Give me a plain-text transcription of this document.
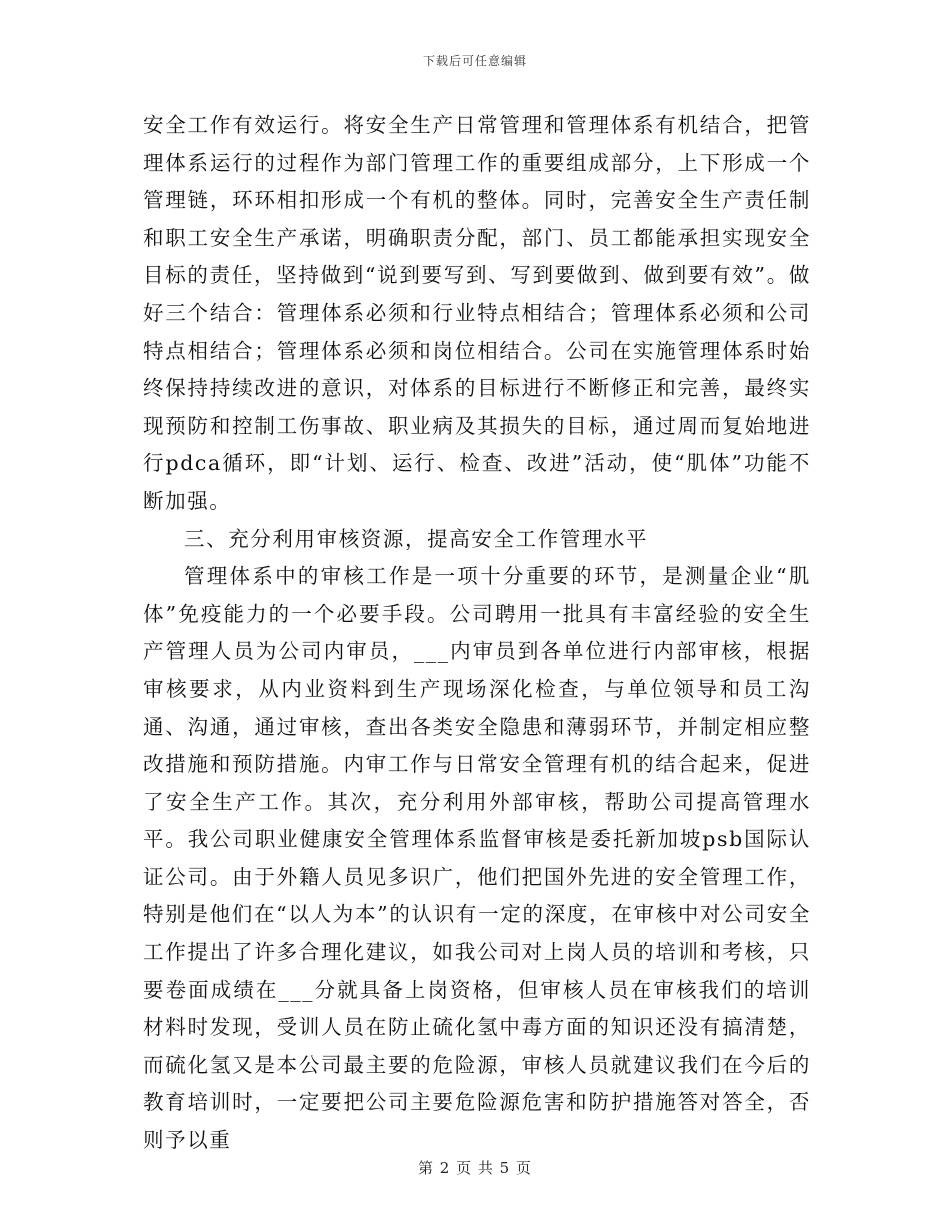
下载后可任意编辑

安全工作有效运行。将安全生产日常管理和管理体系有机结合，把管理体系运行的过程作为部门管理工作的重要组成部分，上下形成一个管理链，环环相扣形成一个有机的整体。同时，完善安全生产责任制和职工安全生产承诺，明确职责分配，部门、员工都能承担实现安全目标的责任，坚持做到“说到要写到、写到要做到、做到要有效”。做好三个结合：管理体系必须和行业特点相结合；管理体系必须和公司特点相结合；管理体系必须和岗位相结合。公司在实施管理体系时始终保持持续改进的意识，对体系的目标进行不断修正和完善，最终实现预防和控制工伤事故、职业病及其损失的目标，通过周而复始地进行pdca循环，即“计划、运行、检查、改进”活动，使“肌体”功能不断加强。

三、充分利用审核资源，提高安全工作管理水平

管理体系中的审核工作是一项十分重要的环节，是测量企业“肌体”免疫能力的一个必要手段。公司聘用一批具有丰富经验的安全生产管理人员为公司内审员，___内审员到各单位进行内部审核，根据审核要求，从内业资料到生产现场深化检查，与单位领导和员工沟通、沟通，通过审核，查出各类安全隐患和薄弱环节，并制定相应整改措施和预防措施。内审工作与日常安全管理有机的结合起来，促进了安全生产工作。其次，充分利用外部审核，帮助公司提高管理水平。我公司职业健康安全管理体系监督审核是委托新加坡psb国际认证公司。由于外籍人员见多识广，他们把国外先进的安全管理工作，特别是他们在“以人为本”的认识有一定的深度，在审核中对公司安全工作提出了许多合理化建议，如我公司对上岗人员的培训和考核，只要卷面成绩在___分就具备上岗资格，但审核人员在审核我们的培训材料时发现，受训人员在防止硫化氢中毒方面的知识还没有搞清楚，而硫化氢又是本公司最主要的危险源，审核人员就建议我们在今后的教育培训时，一定要把公司主要危险源危害和防护措施答对答全，否则予以重

第 2 页 共 5 页
